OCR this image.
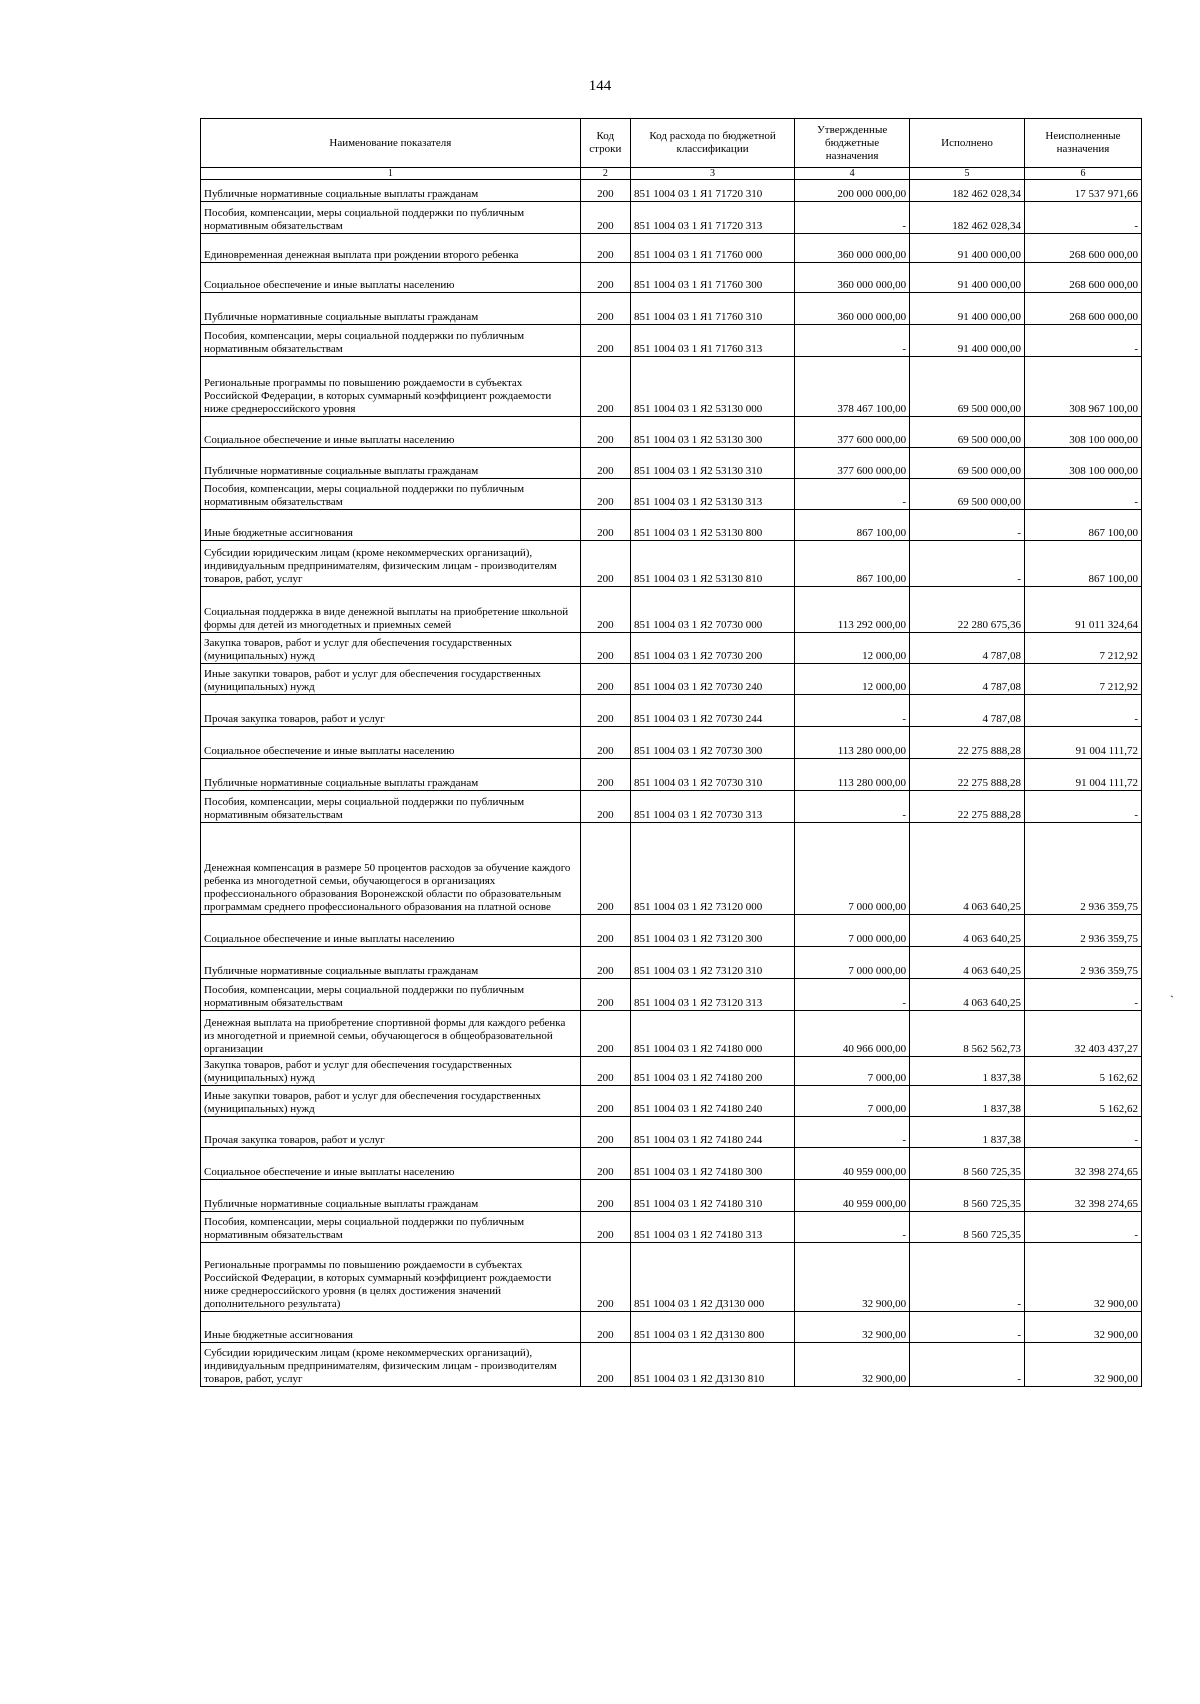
144
Наименование показателя	Код строки	Код расхода по бюджетной классификации	Утвержденные бюджетные назначения	Исполнено	Неисполненные назначения
1	2	3	4	5	6
Публичные нормативные социальные выплаты гражданам	200	851 1004 03 1 Я1 71720 310	200 000 000,00	182 462 028,34	17 537 971,66
Пособия, компенсации, меры социальной поддержки по публичным нормативным обязательствам	200	851 1004 03 1 Я1 71720 313	-	182 462 028,34	-
Единовременная денежная выплата при рождении второго ребенка	200	851 1004 03 1 Я1 71760 000	360 000 000,00	91 400 000,00	268 600 000,00
Социальное обеспечение и иные выплаты населению	200	851 1004 03 1 Я1 71760 300	360 000 000,00	91 400 000,00	268 600 000,00
Публичные нормативные социальные выплаты гражданам	200	851 1004 03 1 Я1 71760 310	360 000 000,00	91 400 000,00	268 600 000,00
Пособия, компенсации, меры социальной поддержки по публичным нормативным обязательствам	200	851 1004 03 1 Я1 71760 313	-	91 400 000,00	-
Региональные программы по повышению рождаемости в субъектах Российской Федерации, в которых суммарный коэффициент рождаемости ниже среднероссийского уровня	200	851 1004 03 1 Я2 53130 000	378 467 100,00	69 500 000,00	308 967 100,00
Социальное обеспечение и иные выплаты населению	200	851 1004 03 1 Я2 53130 300	377 600 000,00	69 500 000,00	308 100 000,00
Публичные нормативные социальные выплаты гражданам	200	851 1004 03 1 Я2 53130 310	377 600 000,00	69 500 000,00	308 100 000,00
Пособия, компенсации, меры социальной поддержки по публичным нормативным обязательствам	200	851 1004 03 1 Я2 53130 313	-	69 500 000,00	-
Иные бюджетные ассигнования	200	851 1004 03 1 Я2 53130 800	867 100,00	-	867 100,00
Субсидии юридическим лицам (кроме некоммерческих организаций), индивидуальным предпринимателям, физическим лицам - производителям товаров, работ, услуг	200	851 1004 03 1 Я2 53130 810	867 100,00	-	867 100,00
Социальная поддержка в виде денежной выплаты на приобретение школьной формы для детей из многодетных и приемных семей	200	851 1004 03 1 Я2 70730 000	113 292 000,00	22 280 675,36	91 011 324,64
Закупка товаров, работ и услуг для обеспечения государственных (муниципальных) нужд	200	851 1004 03 1 Я2 70730 200	12 000,00	4 787,08	7 212,92
Иные закупки товаров, работ и услуг для обеспечения государственных (муниципальных) нужд	200	851 1004 03 1 Я2 70730 240	12 000,00	4 787,08	7 212,92
Прочая закупка товаров, работ и услуг	200	851 1004 03 1 Я2 70730 244	-	4 787,08	-
Социальное обеспечение и иные выплаты населению	200	851 1004 03 1 Я2 70730 300	113 280 000,00	22 275 888,28	91 004 111,72
Публичные нормативные социальные выплаты гражданам	200	851 1004 03 1 Я2 70730 310	113 280 000,00	22 275 888,28	91 004 111,72
Пособия, компенсации, меры социальной поддержки по публичным нормативным обязательствам	200	851 1004 03 1 Я2 70730 313	-	22 275 888,28	-
Денежная компенсация в размере 50 процентов расходов за обучение каждого ребенка из многодетной семьи, обучающегося в организациях профессионального образования Воронежской области по образовательным программам среднего профессионального образования на платной основе	200	851 1004 03 1 Я2 73120 000	7 000 000,00	4 063 640,25	2 936 359,75
Социальное обеспечение и иные выплаты населению	200	851 1004 03 1 Я2 73120 300	7 000 000,00	4 063 640,25	2 936 359,75
Публичные нормативные социальные выплаты гражданам	200	851 1004 03 1 Я2 73120 310	7 000 000,00	4 063 640,25	2 936 359,75
Пособия, компенсации, меры социальной поддержки по публичным нормативным обязательствам	200	851 1004 03 1 Я2 73120 313	-	4 063 640,25	-
Денежная выплата на приобретение спортивной формы для каждого ребенка из многодетной и приемной семьи, обучающегося в общеобразовательной организации	200	851 1004 03 1 Я2 74180 000	40 966 000,00	8 562 562,73	32 403 437,27
Закупка товаров, работ и услуг для обеспечения государственных (муниципальных) нужд	200	851 1004 03 1 Я2 74180 200	7 000,00	1 837,38	5 162,62
Иные закупки товаров, работ и услуг для обеспечения государственных (муниципальных) нужд	200	851 1004 03 1 Я2 74180 240	7 000,00	1 837,38	5 162,62
Прочая закупка товаров, работ и услуг	200	851 1004 03 1 Я2 74180 244	-	1 837,38	-
Социальное обеспечение и иные выплаты населению	200	851 1004 03 1 Я2 74180 300	40 959 000,00	8 560 725,35	32 398 274,65
Публичные нормативные социальные выплаты гражданам	200	851 1004 03 1 Я2 74180 310	40 959 000,00	8 560 725,35	32 398 274,65
Пособия, компенсации, меры социальной поддержки по публичным нормативным обязательствам	200	851 1004 03 1 Я2 74180 313	-	8 560 725,35	-
Региональные программы по повышению рождаемости в субъектах Российской Федерации, в которых суммарный коэффициент рождаемости ниже среднероссийского уровня (в целях достижения значений дополнительного результата)	200	851 1004 03 1 Я2 Д3130 000	32 900,00	-	32 900,00
Иные бюджетные ассигнования	200	851 1004 03 1 Я2 Д3130 800	32 900,00	-	32 900,00
Субсидии юридическим лицам (кроме некоммерческих организаций), индивидуальным предпринимателям, физическим лицам - производителям товаров, работ, услуг	200	851 1004 03 1 Я2 Д3130 810	32 900,00	-	32 900,00
ˎ
